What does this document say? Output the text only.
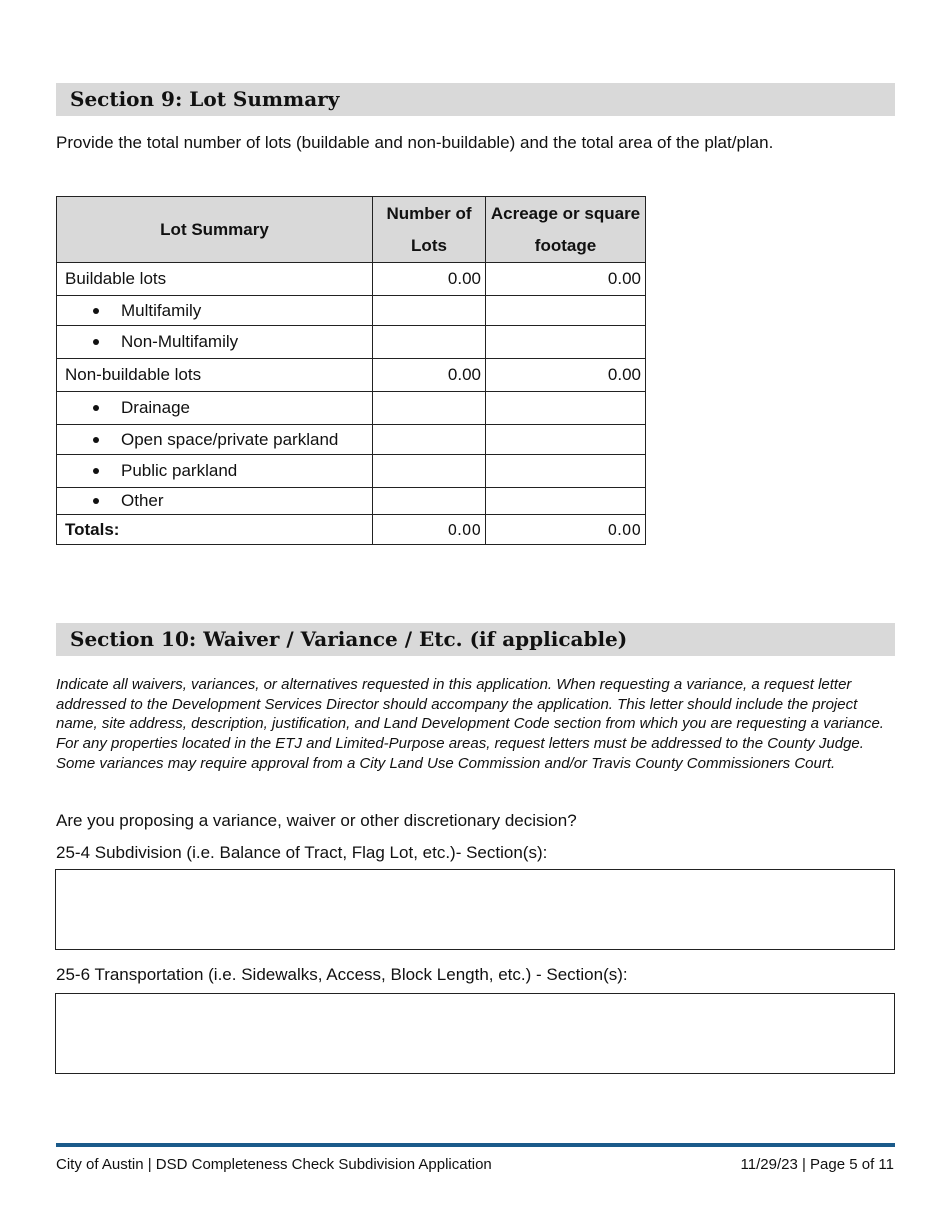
Section 9: Lot Summary
Provide the total number of lots (buildable and non-buildable) and the total area of the plat/plan.
Lot Summary	Number of Lots	Acreage or square footage
Buildable lots	0.00	0.00

Multifamily		

Non-Multifamily		
Non-buildable lots	0.00	0.00

Drainage		

Open space/private parkland		

Public parkland		

Other		
Totals:	0.00	0.00
Section 10: Waiver / Variance / Etc. (if applicable)
Indicate all waivers, variances, or alternatives requested in this application. When requesting a variance, a request letter addressed to the Development Services Director should accompany the application. This letter should include the project name, site address, description, justification, and Land Development Code section from which you are requesting a variance. For any properties located in the ETJ and Limited-Purpose areas, request letters must be addressed to the County Judge. Some variances may require approval from a City Land Use Commission and/or Travis County Commissioners Court.
Are you proposing a variance, waiver or other discretionary decision?
25-4 Subdivision (i.e. Balance of Tract, Flag Lot, etc.)- Section(s):
25-6 Transportation (i.e. Sidewalks, Access, Block Length, etc.) - Section(s):
City of Austin | DSD Completeness Check Subdivision Application	11/29/23 | Page 5 of 11
